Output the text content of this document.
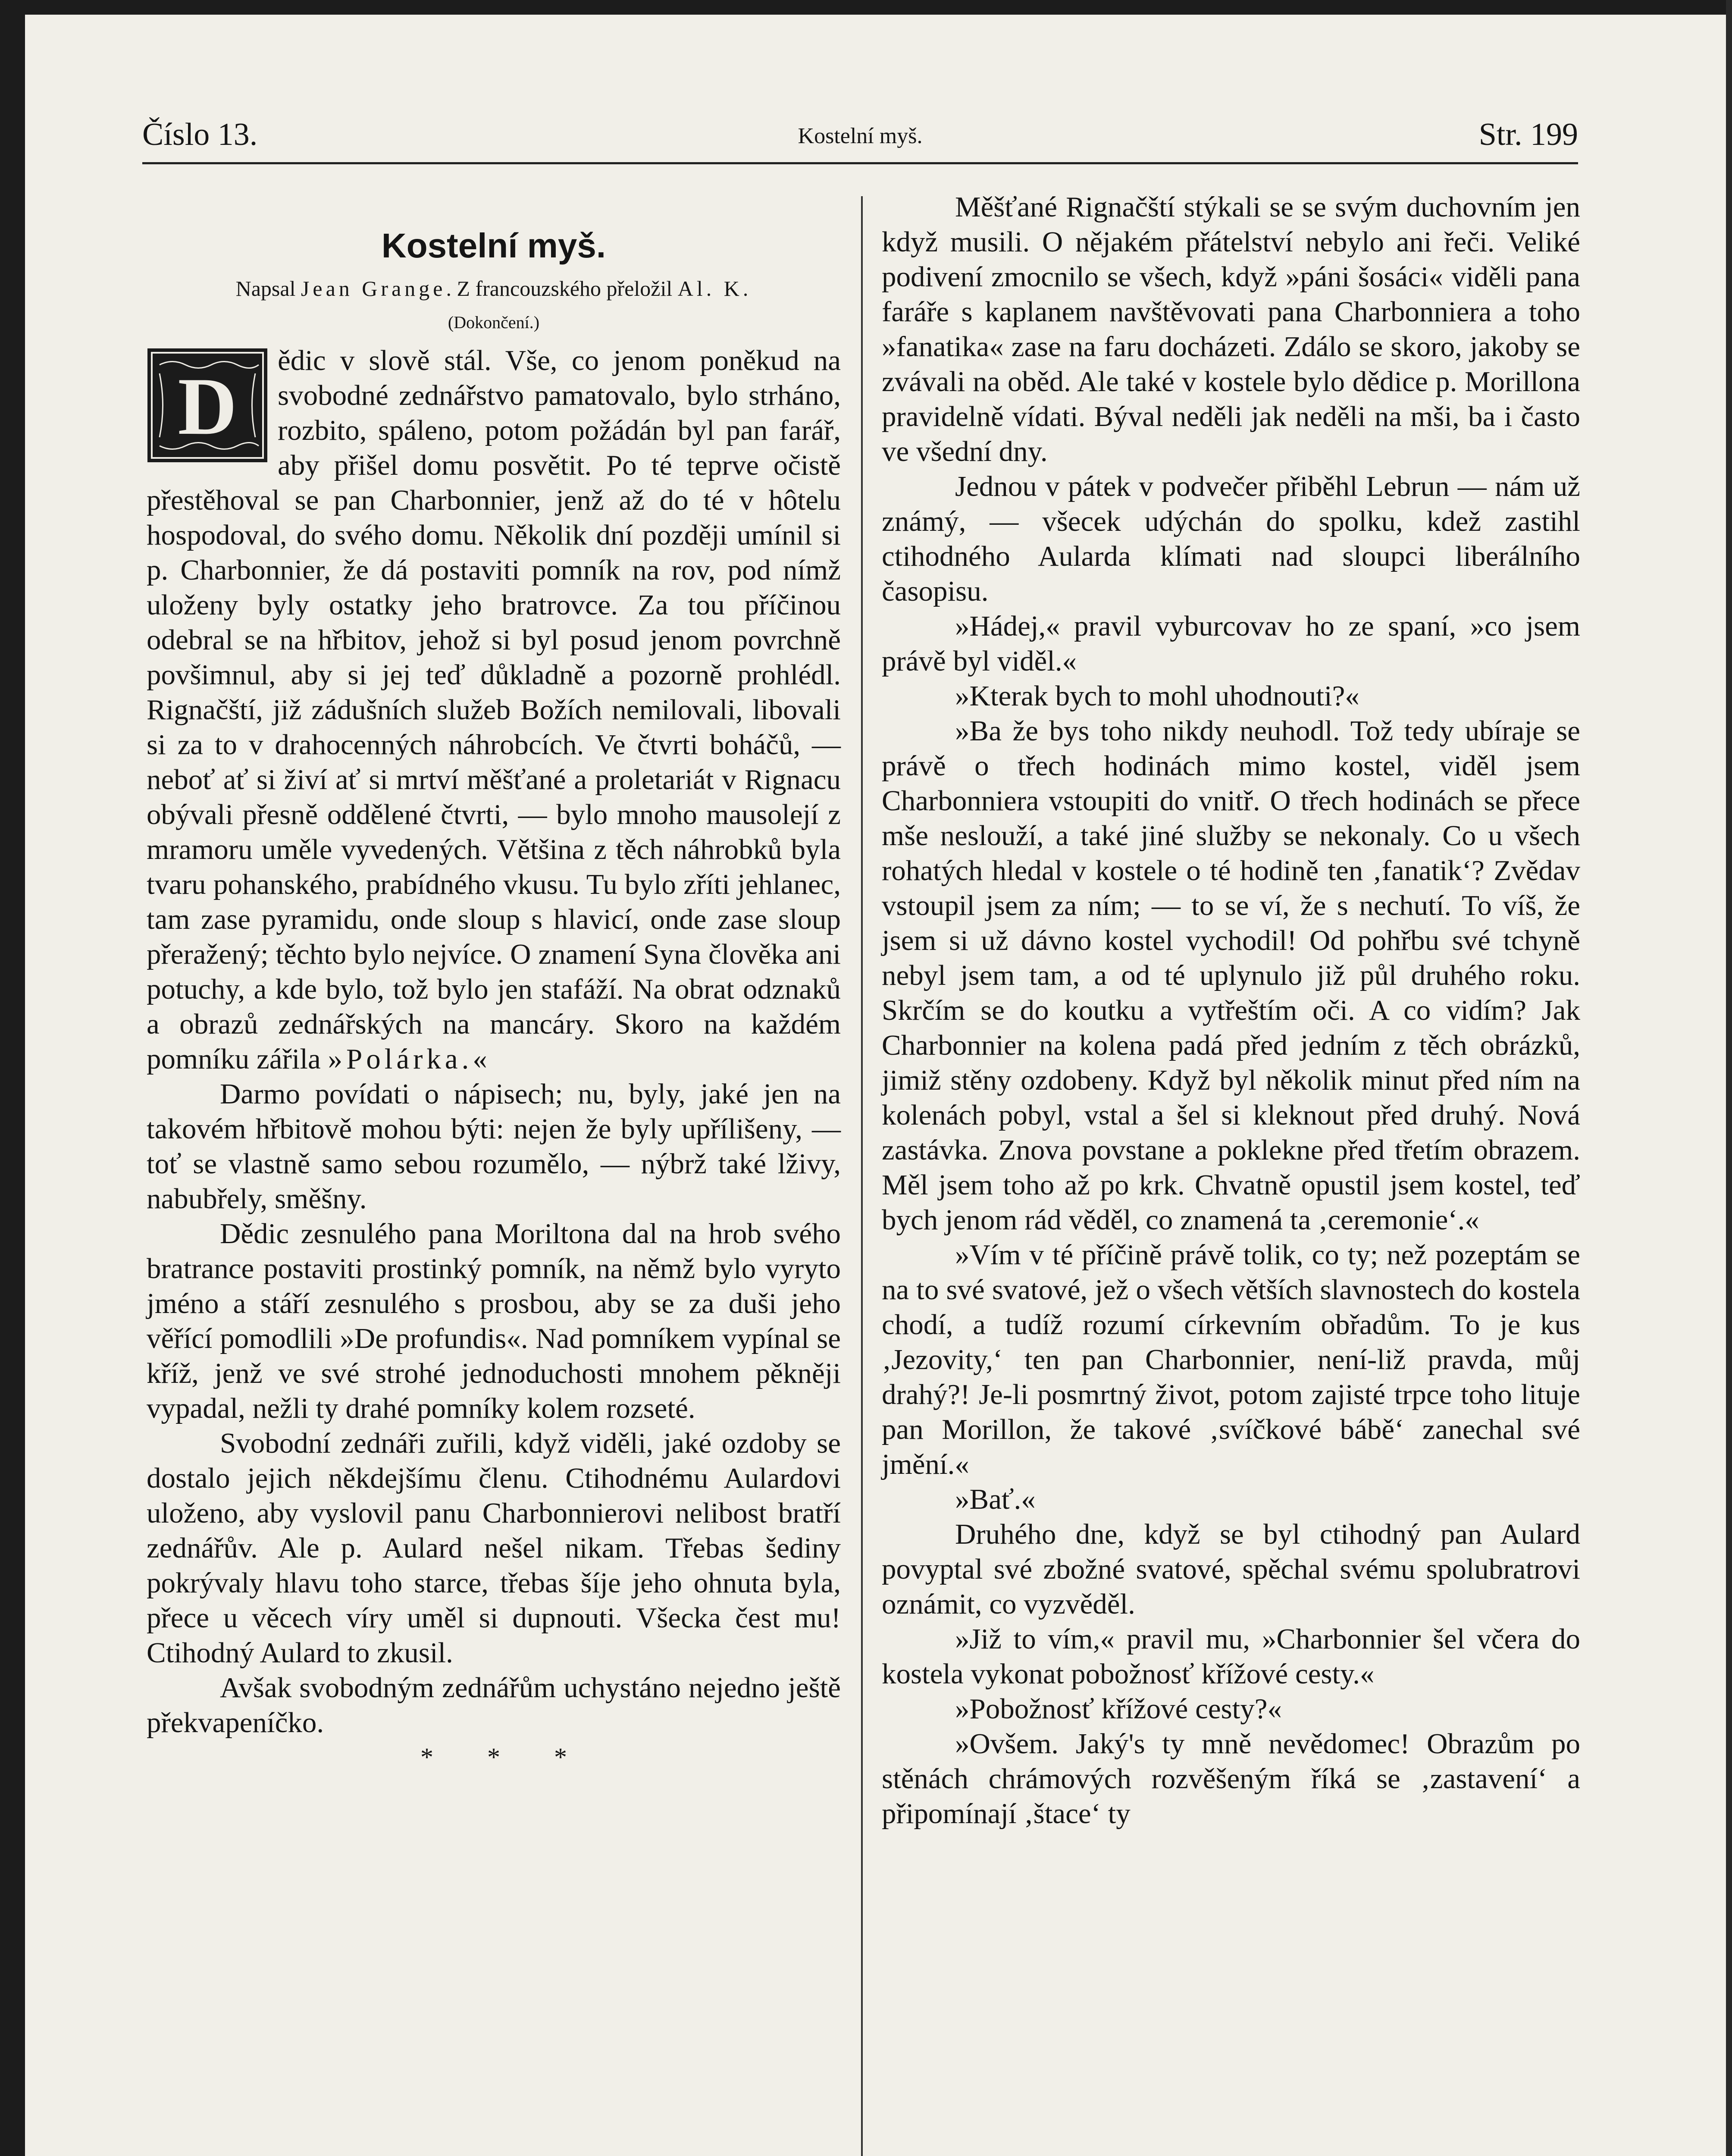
Číslo 13.	Kostelní myš.	Str. 199
Kostelní myš.
Napsal Jean Grange. Z francouzského přeložil Al. K.
(Dokončení.)

D
ědic v slově stál. Vše, co jenom poněkud na svobodné zednářstvo pamatovalo, bylo strháno, rozbito, spáleno, potom požádán byl pan farář, aby přišel domu posvětit. Po té teprve očistě přestěhoval se pan Charbonnier, jenž až do té v hôtelu hospodoval, do svého domu. Několik dní později umínil si p. Charbonnier, že dá postaviti pomník na rov, pod nímž uloženy byly ostatky jeho bratrovce. Za tou příčinou odebral se na hřbitov, jehož si byl posud jenom povrchně povšimnul, aby si jej teď důkladně a pozorně prohlédl. Rignačští, již zádušních služeb Božích nemilovali, libovali si za to v drahocenných náhrobcích. Ve čtvrti boháčů, — neboť ať si živí ať si mrtví měšťané a proletariát v Rignacu obývali přesně oddělené čtvrti, — bylo mnoho mausolejí z mramoru uměle vyvedených. Většina z těch náhrobků byla tvaru pohanského, prabídného vkusu. Tu bylo zříti jehlanec, tam zase pyramidu, onde sloup s hlavicí, onde zase sloup přeražený; těchto bylo nejvíce. O znamení Syna člověka ani potuchy, a kde bylo, tož bylo jen stafáží. Na obrat odznaků a obrazů zednářských na mancáry. Skoro na každém pomníku zářila »Polárka.«

Darmo povídati o nápisech; nu, byly, jaké jen na takovém hřbitově mohou býti: nejen že byly upřílišeny, — toť se vlastně samo sebou rozumělo, — nýbrž také lživy, nabubřely, směšny.

Dědic zesnulého pana Moriltona dal na hrob svého bratrance postaviti prostinký pomník, na němž bylo vyryto jméno a stáří zesnulého s prosbou, aby se za duši jeho věřící pomodlili »De profundis«. Nad pomníkem vypínal se kříž, jenž ve své strohé jednoduchosti mnohem pěkněji vypadal, nežli ty drahé pomníky kolem rozseté.

Svobodní zednáři zuřili, když viděli, jaké ozdoby se dostalo jejich někdejšímu členu. Ctihodnému Aulardovi uloženo, aby vyslovil panu Charbonnierovi nelibost bratří zednářův. Ale p. Aulard nešel nikam. Třebas šediny pokrývaly hlavu toho starce, třebas šíje jeho ohnuta byla, přece u věcech víry uměl si dupnouti. Všecka čest mu! Ctihodný Aulard to zkusil.

Avšak svobodným zednářům uchystáno nejedno ještě překvapeníčko.

* * *

Měšťané Rignačští stýkali se se svým duchovním jen když musili. O nějakém přátelství nebylo ani řeči. Veliké podivení zmocnilo se všech, když »páni šosáci« viděli pana faráře s kaplanem navštěvovati pana Charbonniera a toho »fanatika« zase na faru docházeti. Zdálo se skoro, jakoby se zvávali na oběd. Ale také v kostele bylo dědice p. Morillona pravidelně vídati. Býval neděli jak neděli na mši, ba i často ve všední dny.

Jednou v pátek v podvečer přiběhl Lebrun — nám už známý, — všecek udýchán do spolku, kdež zastihl ctihodného Aularda klímati nad sloupci liberálního časopisu.

»Hádej,« pravil vyburcovav ho ze spaní, »co jsem právě byl viděl.«

»Kterak bych to mohl uhodnouti?«

»Ba že bys toho nikdy neuhodl. Tož tedy ubíraje se právě o třech hodinách mimo kostel, viděl jsem Charbonniera vstoupiti do vnitř. O třech hodinách se přece mše neslouží, a také jiné služby se nekonaly. Co u všech rohatých hledal v kostele o té hodině ten ‚fanatik‘? Zvědav vstoupil jsem za ním; — to se ví, že s nechutí. To víš, že jsem si už dávno kostel vychodil! Od pohřbu své tchyně nebyl jsem tam, a od té uplynulo již půl druhého roku. Skrčím se do koutku a vytřeštím oči. A co vidím? Jak Charbonnier na kolena padá před jedním z těch obrázků, jimiž stěny ozdobeny. Když byl několik minut před ním na kolenách pobyl, vstal a šel si kleknout před druhý. Nová zastávka. Znova povstane a poklekne před třetím obrazem. Měl jsem toho až po krk. Chvatně opustil jsem kostel, teď bych jenom rád věděl, co znamená ta ‚ceremonie‘.«

»Vím v té příčině právě tolik, co ty; než pozeptám se na to své svatové, jež o všech větších slavnostech do kostela chodí, a tudíž rozumí církevním obřadům. To je kus ‚Jezovity,‘ ten pan Charbonnier, není-liž pravda, můj drahý?! Je-li posmrtný život, potom zajisté trpce toho lituje pan Morillon, že takové ‚svíčkové bábě‘ zanechal své jmění.«

»Bať.«

Druhého dne, když se byl ctihodný pan Aulard povyptal své zbožné svatové, spěchal svému spolubratrovi oznámit, co vyzvěděl.

»Již to vím,« pravil mu, »Charbonnier šel včera do kostela vykonat pobožnosť křížové cesty.«

»Pobožnosť křížové cesty?«

»Ovšem. Jaký's ty mně nevědomec! Obrazům po stěnách chrámových rozvěšeným říká se ‚zastavení‘ a připomínají ‚štace‘ ty
